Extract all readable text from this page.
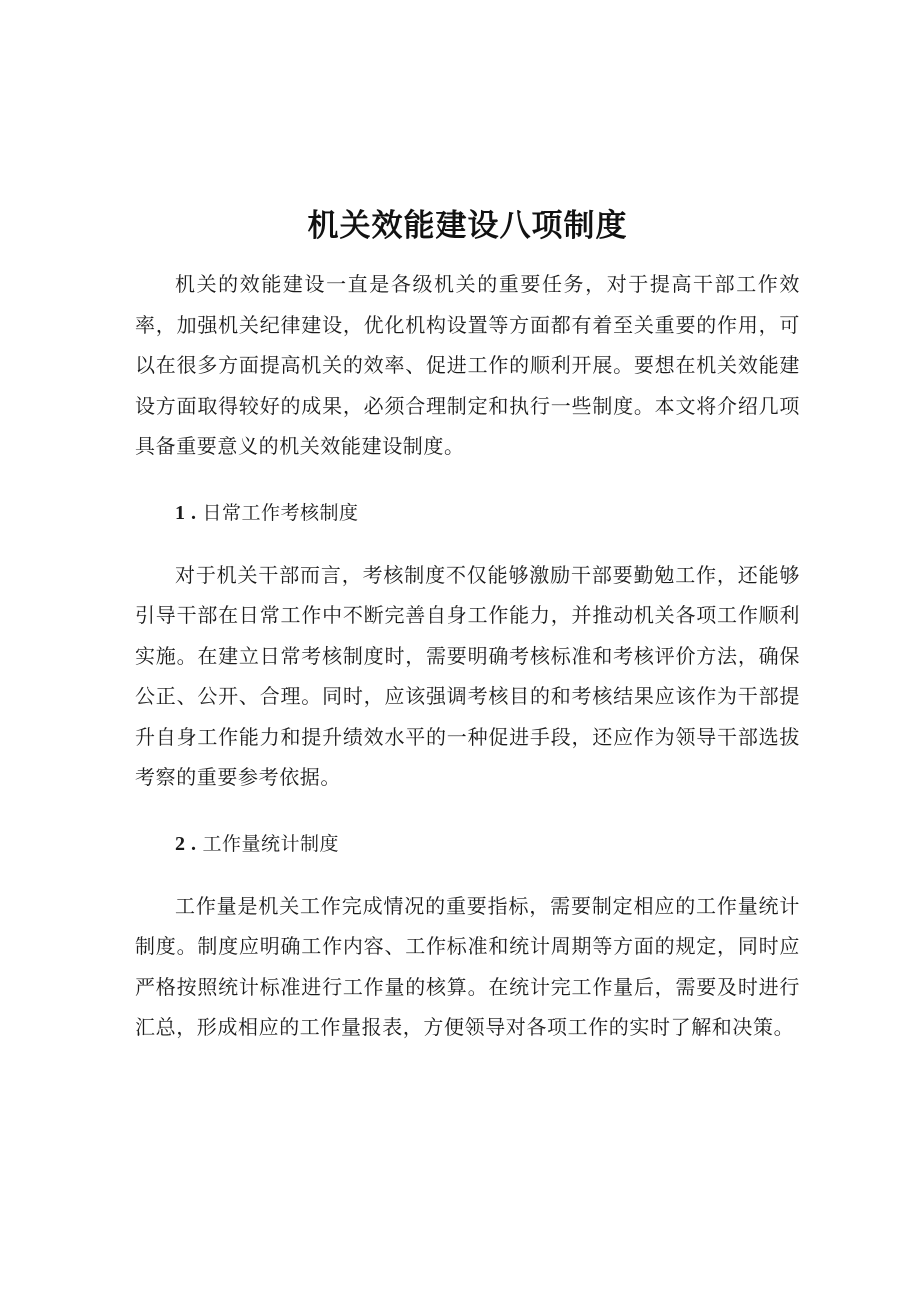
机关效能建设八项制度

机关的效能建设一直是各级机关的重要任务，对于提高干部工作效率，加强机关纪律建设，优化机构设置等方面都有着至关重要的作用，可以在很多方面提高机关的效率、促进工作的顺利开展。要想在机关效能建设方面取得较好的成果，必须合理制定和执行一些制度。本文将介绍几项具备重要意义的机关效能建设制度。

1 . 日常工作考核制度

对于机关干部而言，考核制度不仅能够激励干部要勤勉工作，还能够引导干部在日常工作中不断完善自身工作能力，并推动机关各项工作顺利实施。在建立日常考核制度时，需要明确考核标准和考核评价方法，确保公正、公开、合理。同时，应该强调考核目的和考核结果应该作为干部提升自身工作能力和提升绩效水平的一种促进手段，还应作为领导干部选拔考察的重要参考依据。

2 . 工作量统计制度

工作量是机关工作完成情况的重要指标，需要制定相应的工作量统计制度。制度应明确工作内容、工作标准和统计周期等方面的规定，同时应严格按照统计标准进行工作量的核算。在统计完工作量后，需要及时进行汇总，形成相应的工作量报表，方便领导对各项工作的实时了解和决策。
